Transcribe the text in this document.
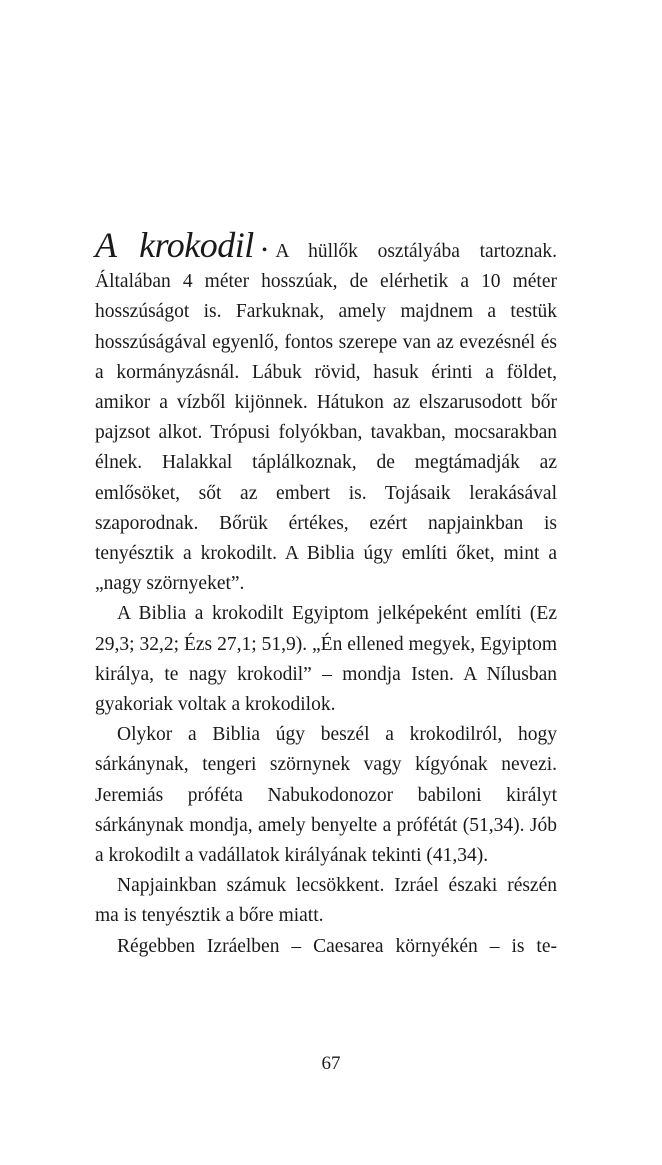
A krokodil • A hüllők osztályába tartoznak. Általában 4 méter hosszúak, de elérhetik a 10 méter hosszúságot is. Farkuknak, amely majdnem a testük hosszúságával egyenlő, fontos szerepe van az evezésnél és a kormányzásnál. Lábuk rövid, hasuk érinti a földet, amikor a vízből kijönnek. Hátukon az elszarusodott bőr pajzsot alkot. Trópusi folyókban, tavakban, mocsarakban élnek. Halakkal táplálkoznak, de megtámadják az emlősöket, sőt az embert is. Tojásaik lerakásával szaporodnak. Bőrük értékes, ezért napjainkban is tenyésztik a krokodilt. A Biblia úgy említi őket, mint a „nagy szörnyeket”.

A Biblia a krokodilt Egyiptom jelképeként említi (Ez 29,3; 32,2; Ézs 27,1; 51,9). „Én ellened megyek, Egyiptom királya, te nagy krokodil” – mondja Isten. A Nílusban gyakoriak voltak a krokodilok.

Olykor a Biblia úgy beszél a krokodilról, hogy sárkánynak, tengeri szörnynek vagy kígyónak nevezi. Jeremiás próféta Nabukodonozor babiloni királyt sárkánynak mondja, amely benyelte a prófétát (51,34). Jób a krokodilt a vadállatok királyának tekinti (41,34).

Napjainkban számuk lecsökkent. Izráel északi részén ma is tenyésztik a bőre miatt.

Régebben Izráelben – Caesarea környékén – is te-

67
